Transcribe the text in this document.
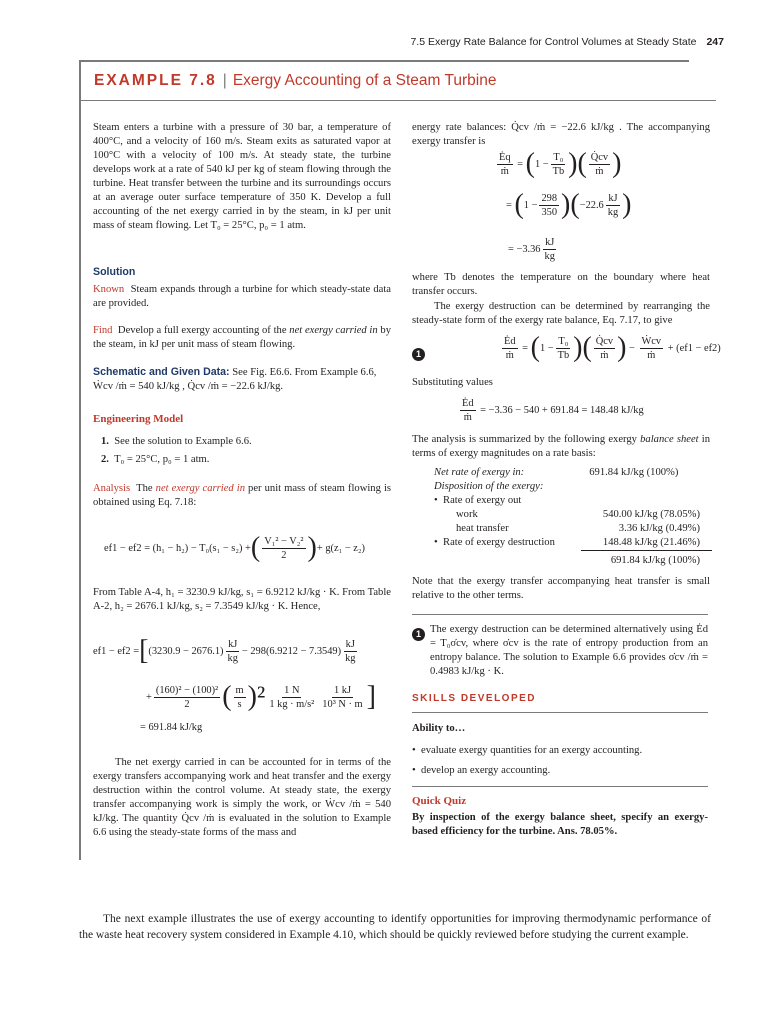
7.5 Exergy Rate Balance for Control Volumes at Steady State 247
EXAMPLE 7.8 | Exergy Accounting of a Steam Turbine
Steam enters a turbine with a pressure of 30 bar, a temperature of 400°C, and a velocity of 160 m/s. Steam exits as saturated vapor at 100°C with a velocity of 100 m/s. At steady state, the turbine develops work at a rate of 540 kJ per kg of steam flowing through the turbine. Heat transfer between the turbine and its surroundings occurs at an average outer surface temperature of 350 K. Develop a full accounting of the net exergy carried in by the steam, in kJ per unit mass of steam flowing. Let T₀ = 25°C, p₀ = 1 atm.
Solution
Known Steam expands through a turbine for which steady-state data are provided.
Find Develop a full exergy accounting of the net exergy carried in by the steam, in kJ per unit mass of steam flowing.
Schematic and Given Data: See Fig. E6.6. From Example 6.6,
Ẇcv /ṁ = 540 kJ/kg , Q̇cv /ṁ = −22.6 kJ/kg.
Engineering Model
1. See the solution to Example 6.6.
2. T₀ = 25°C, p₀ = 1 atm.
Analysis The net exergy carried in per unit mass of steam flowing is obtained using Eq. 7.18:
ef1 − ef2 = (h₁ − h₂) − T₀(s₁ − s₂) + ( $\frac{\text{V₁² − V₂²}}{2}$ ) + g(z₁ − z₂)
From Table A-4, h₁ = 3230.9 kJ/kg, s₁ = 6.9212 kJ/kg · K. From Table A-2, h₂ = 2676.1 kJ/kg, s₂ = 7.3549 kJ/kg · K. Hence,
ef1 − ef2 = [ $(3230.9 - 2676.1) \frac{kJ}{kg} - 298(6.9212 - 7.3549) \frac{kJ}{kg}$
+ $\frac{\text{(160)² − (100)²}}{2}$ ( $\frac{m}{s} )^2 \frac{1 N}{\text{1 kg · m/s²}} \frac{1 kJ}{\text{10³ N · m}}$ ]
= 691.84 kJ/kg
The net exergy carried in can be accounted for in terms of the exergy transfers accompanying work and heat transfer and the exergy destruction within the control volume. At steady state, the exergy transfer accompanying work is simply the work, or Ẇcv /ṁ = 540 kJ/kg. The quantity Q̇cv /ṁ is evaluated in the solution to Example 6.6 using the steady-state forms of the mass and
energy rate balances: Q̇cv /ṁ = −22.6 kJ/kg . The accompanying exergy transfer is
$\frac{Ėq}{\text{ṁ}}$ = ( $1 - \frac{\text{T₀}}{Tb}$ )( $\frac{Q̇cv}{\text{ṁ}}$ )
= ( $1 - \frac{298}{350}$ )( $-22.6 \frac{kJ}{kg}$ )
= $-3.36 \frac{kJ}{kg}$
where Tb denotes the temperature on the boundary where heat transfer occurs.
The exergy destruction can be determined by rearranging the steady-state form of the exergy rate balance, Eq. 7.17, to give
1	$\frac{Ėd}{\text{ṁ}}$ = ( $1 - \frac{\text{T₀}}{Tb}$ )( $\frac{Q̇cv}{\text{ṁ}}$ ) − $\frac{\text{Ẇcv}}{\text{ṁ}} + (ef1 - ef2)$
Substituting values
$\frac{Ėd}{\text{ṁ}}$
= −3.36 − 540 + 691.84 = 148.48 kJ/kg
The analysis is summarized by the following exergy balance sheet in terms of exergy magnitudes on a rate basis:
Net rate of exergy in:	691.84 kJ/kg (100%)
Disposition of the exergy:	
•  Rate of exergy out	
work	540.00 kJ/kg (78.05%)
heat transfer	3.36 kJ/kg (0.49%)
•  Rate of exergy destruction	148.48 kJ/kg (21.46%)
	691.84 kJ/kg (100%)
Note that the exergy transfer accompanying heat transfer is small relative to the other terms.
1 The exergy destruction can be determined alternatively using Ėd = T₀σ̇cv, where σ̇cv is the rate of entropy production from an entropy balance. The solution to Example 6.6 provides σ̇cv /ṁ = 0.4983 kJ/kg · K.
SKILLS DEVELOPED
Ability to…
•  evaluate exergy quantities for an exergy accounting.
•  develop an exergy accounting.
Quick Quiz
By inspection of the exergy balance sheet, specify an exergy-based efficiency for the turbine. Ans. 78.05%.
The next example illustrates the use of exergy accounting to identify opportunities for improving thermodynamic performance of the waste heat recovery system considered in Example 4.10, which should be quickly reviewed before studying the current example.
